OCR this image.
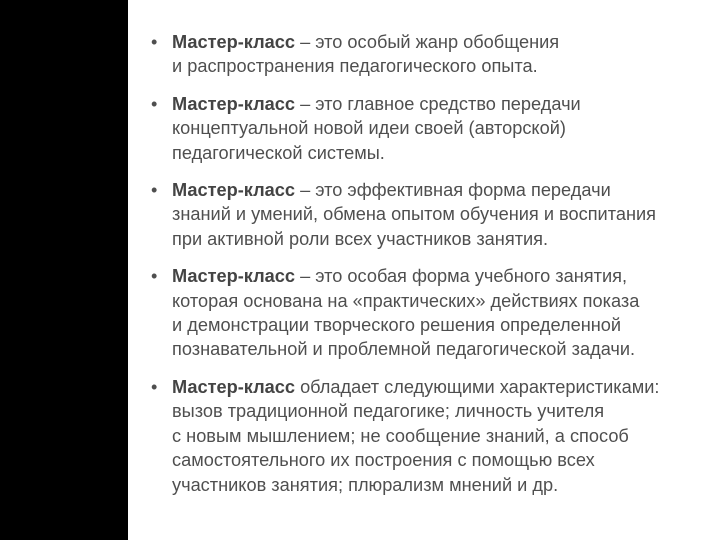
• Мастер-класс – это особый жанр обобщения
и распространения педагогического опыта.
• Мастер-класс – это главное средство передачи
концептуальной новой идеи своей (авторской)
педагогической системы.
• Мастер-класс – это эффективная форма передачи
знаний и умений, обмена опытом обучения и воспитания
при активной роли всех участников занятия.
• Мастер-класс – это особая форма учебного занятия,
которая основана на «практических» действиях показа
и демонстрации творческого решения определенной
познавательной и проблемной педагогической задачи.
• Мастер-класс обладает следующими характеристиками:
вызов традиционной педагогике; личность учителя
с новым мышлением; не сообщение знаний, а способ
самостоятельного их построения с помощью всех
участников занятия; плюрализм мнений и др.
